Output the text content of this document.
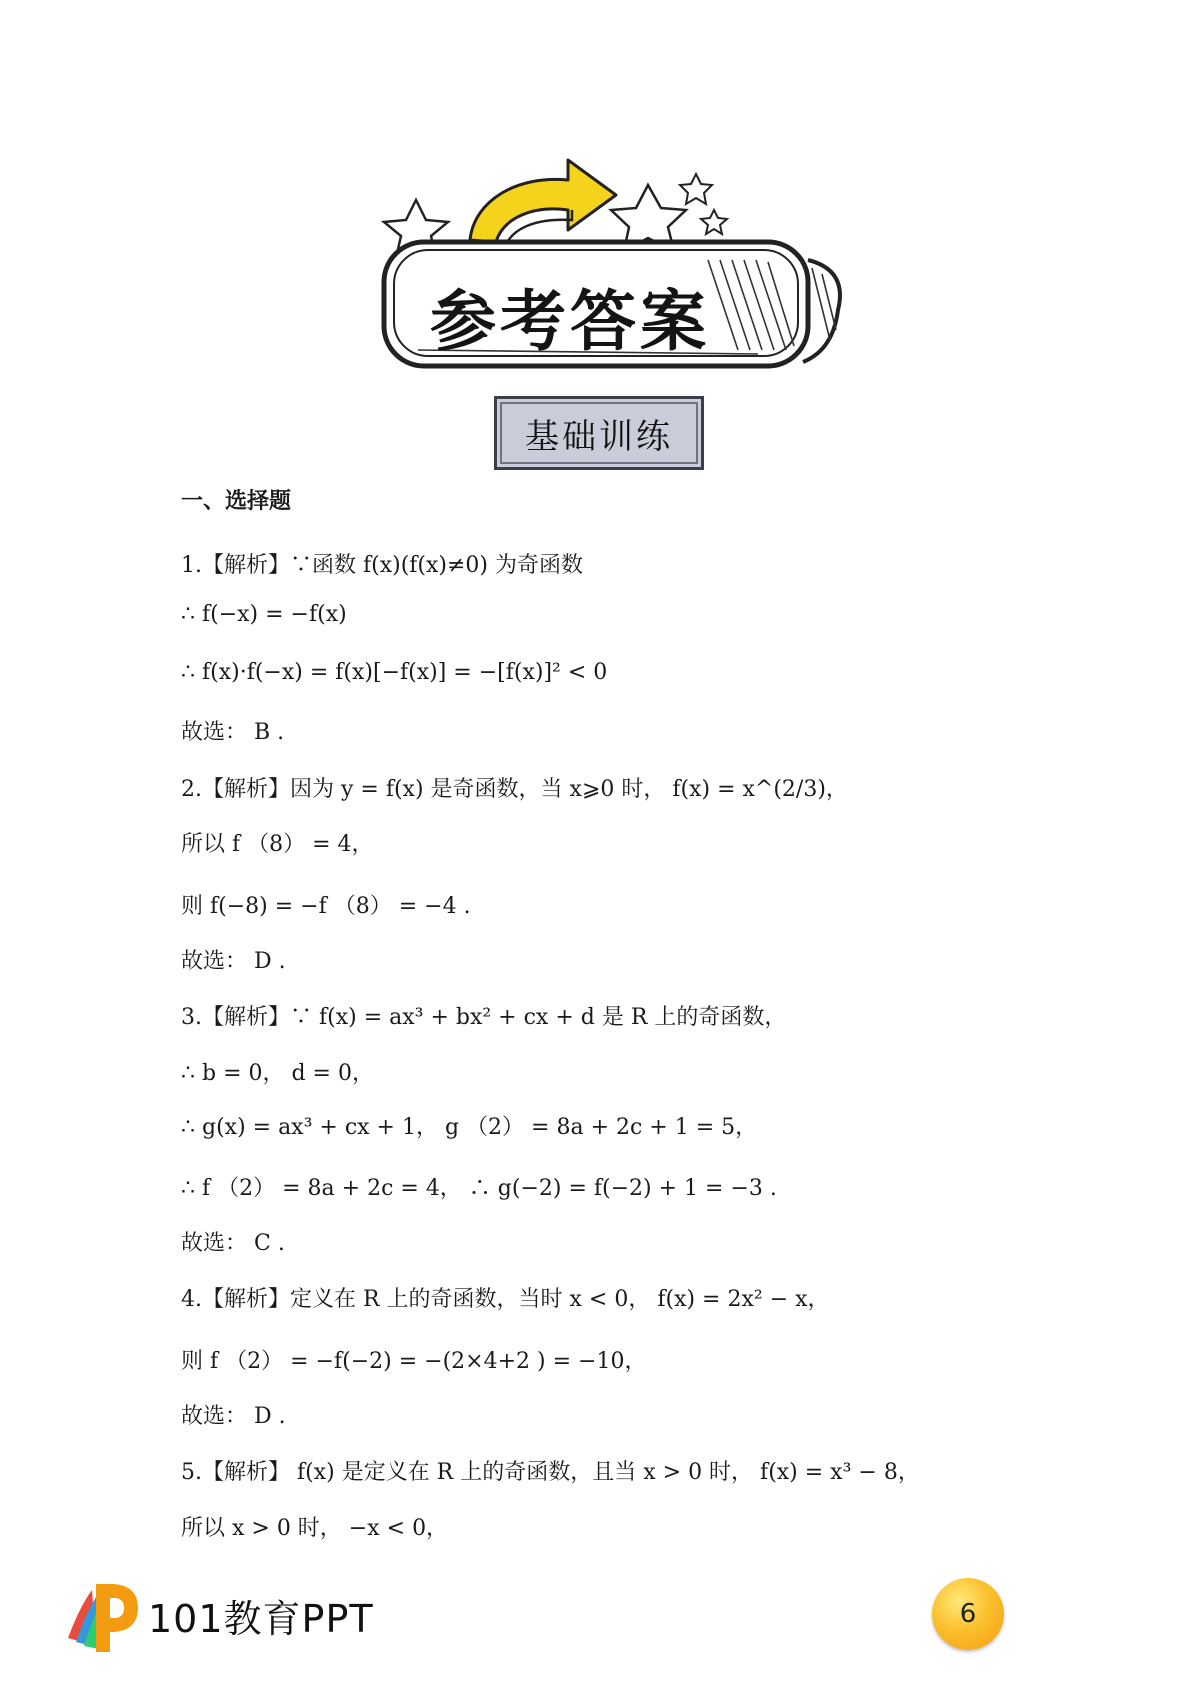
参考答案
基础训练
一、选择题
1.【解析】∵函数 f(x)(f(x)≠0) 为奇函数
∴ f(−x) = −f(x)
∴ f(x)·f(−x) = f(x)[−f(x)] = −[f(x)]² < 0
故选： B .
2.【解析】因为 y = f(x) 是奇函数，当 x⩾0 时， f(x) = x^(2/3)，
所以 f （8） = 4，
则 f(−8) = −f （8） = −4 .
故选： D .
3.【解析】∵ f(x) = ax³ + bx² + cx + d 是 R 上的奇函数，
∴ b = 0， d = 0，
∴ g(x) = ax³ + cx + 1， g （2） = 8a + 2c + 1 = 5，
∴ f （2） = 8a + 2c = 4， ∴ g(−2) = f(−2) + 1 = −3 .
故选： C .
4.【解析】定义在 R 上的奇函数，当时 x < 0， f(x) = 2x² − x，
则 f （2） = −f(−2) = −(2×4+2 ) = −10，
故选： D .
5.【解析】 f(x) 是定义在 R 上的奇函数，且当 x > 0 时， f(x) = x³ − 8，
所以 x > 0 时， −x < 0，
101教育PPT	6
